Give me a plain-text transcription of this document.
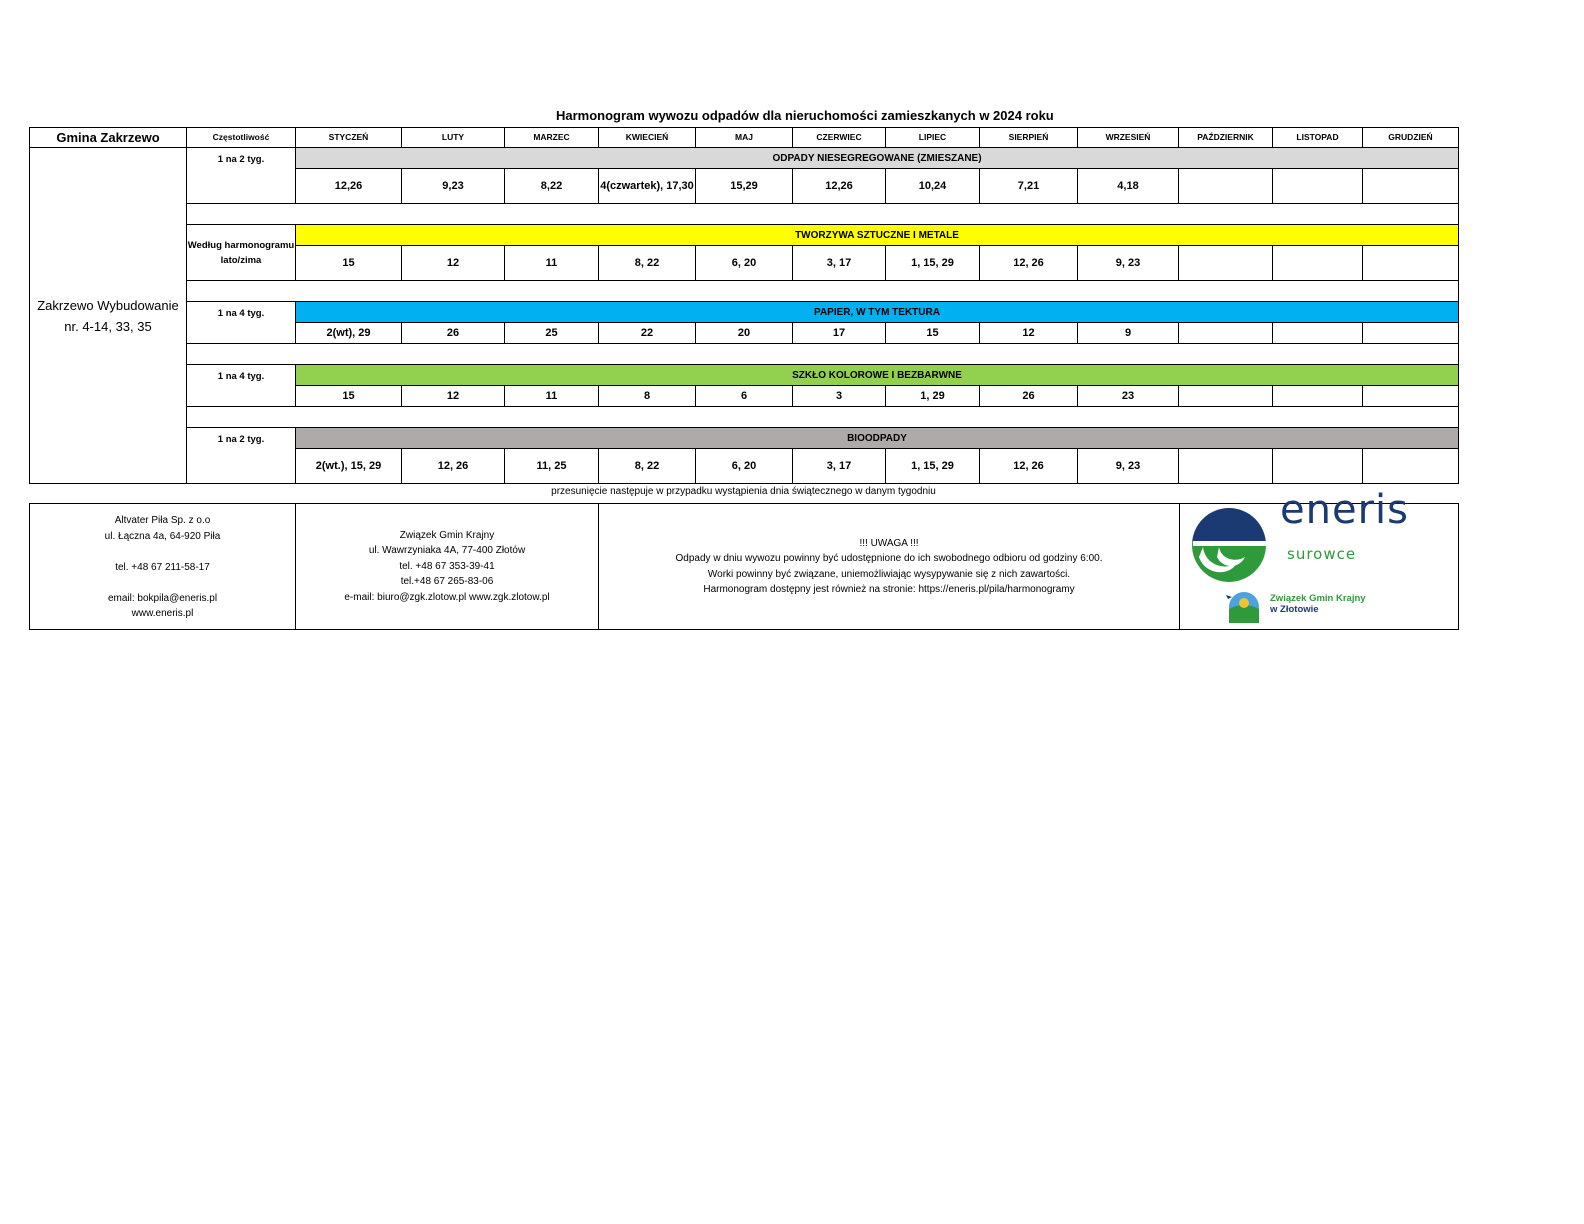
Harmonogram wywozu odpadów dla nieruchomości zamieszkanych w 2024 roku
Gmina Zakrzewo	Częstotliwość	STYCZEŃ	LUTY	MARZEC	KWIECIEŃ	MAJ	CZERWIEC	LIPIEC	SIERPIEŃ	WRZESIEŃ	PAŹDZIERNIK	LISTOPAD	GRUDZIEŃ
Zakrzewo Wybudowanie nr. 4-14, 33, 35	1 na 2 tyg.	ODPADY NIESEGREGOWANE (ZMIESZANE)											
		12,26	9,23	8,22	4(czwartek), 17,30	15,29	12,26	10,24	7,21	4,18			

	Według harmonogramu lato/zima	TWORZYWA SZTUCZNE I METALE											
		15	12	11	8, 22	6, 20	3, 17	1, 15, 29	12, 26	9, 23			

	1 na 4 tyg.	PAPIER, W TYM TEKTURA											
		2(wt), 29	26	25	22	20	17	15	12	9			

	1 na 4 tyg.	SZKŁO KOLOROWE I BEZBARWNE											
		15	12	11	8	6	3	1, 29	26	23			

	1 na 2 tyg.	BIOODPADY											
		2(wt.), 15, 29	12, 26	11, 25	8, 22	6, 20	3, 17	1, 15, 29	12, 26	9, 23			
przesunięcie następuje w przypadku wystąpienia dnia świątecznego w danym tygodniu
Altvater Piła Sp. z o.o
ul. Łączna 4a, 64-920 Piła
tel. +48 67 211-58-17
email: bokpila@eneris.pl
www.eneris.pl

Związek Gmin Krajny
ul. Wawrzyniaka 4A, 77-400 Złotów
tel. +48 67 353-39-41
tel.+48 67 265-83-06
e-mail: biuro@zgk.zlotow.pl www.zgk.zlotow.pl

!!! UWAGA !!!
Odpady w dniu wywozu powinny być udostępnione do ich swobodnego odbioru od godziny 6:00.
Worki powinny być związane, uniemożliwiając wysypywanie się z nich zawartości.
Harmonogram dostępny jest również na stronie: https://eneris.pl/pila/harmonogramy

eneris
surowce
Związek Gmin Krajny
w Złotowie
